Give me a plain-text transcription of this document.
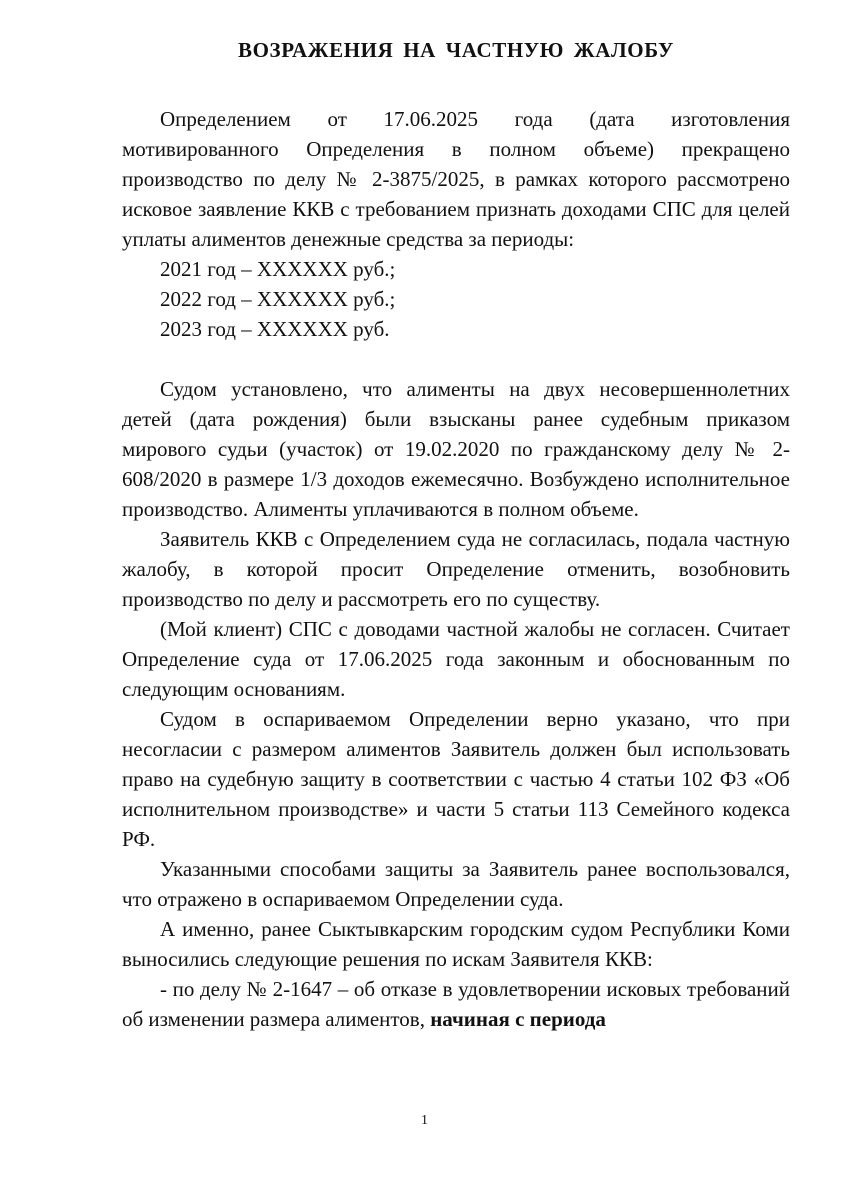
ВОЗРАЖЕНИЯ НА ЧАСТНУЮ ЖАЛОБУ

Определением от 17.06.2025 года (дата изготовления мотивированного Определения в полном объеме) прекращено производство по делу № 2-3875/2025, в рамках которого рассмотрено исковое заявление ККВ с требованием признать доходами СПС для целей уплаты алиментов денежные средства за периоды:

2021 год – XXXXXX руб.;

2022 год – XXXXXX руб.;

2023 год – XXXXXX руб.

Судом установлено, что алименты на двух несовершеннолетних детей (дата рождения) были взысканы ранее судебным приказом мирового судьи (участок) от 19.02.2020 по гражданскому делу № 2-608/2020 в размере 1/3 доходов ежемесячно. Возбуждено исполнительное производство. Алименты уплачиваются в полном объеме.

Заявитель ККВ с Определением суда не согласилась, подала частную жалобу, в которой просит Определение отменить, возобновить производство по делу и рассмотреть его по существу.

(Мой клиент) СПС с доводами частной жалобы не согласен. Считает Определение суда от 17.06.2025 года законным и обоснованным по следующим основаниям.

Судом в оспариваемом Определении верно указано, что при несогласии с размером алиментов Заявитель должен был использовать право на судебную защиту в соответствии с частью 4 статьи 102 ФЗ «Об исполнительном производстве» и части 5 статьи 113 Семейного кодекса РФ.

Указанными способами защиты за Заявитель ранее воспользовался, что отражено в оспариваемом Определении суда.

А именно, ранее Сыктывкарским городским судом Республики Коми выносились следующие решения по искам Заявителя ККВ:

- по делу № 2-1647 – об отказе в удовлетворении исковых требований об изменении размера алиментов, начиная с периода

1
